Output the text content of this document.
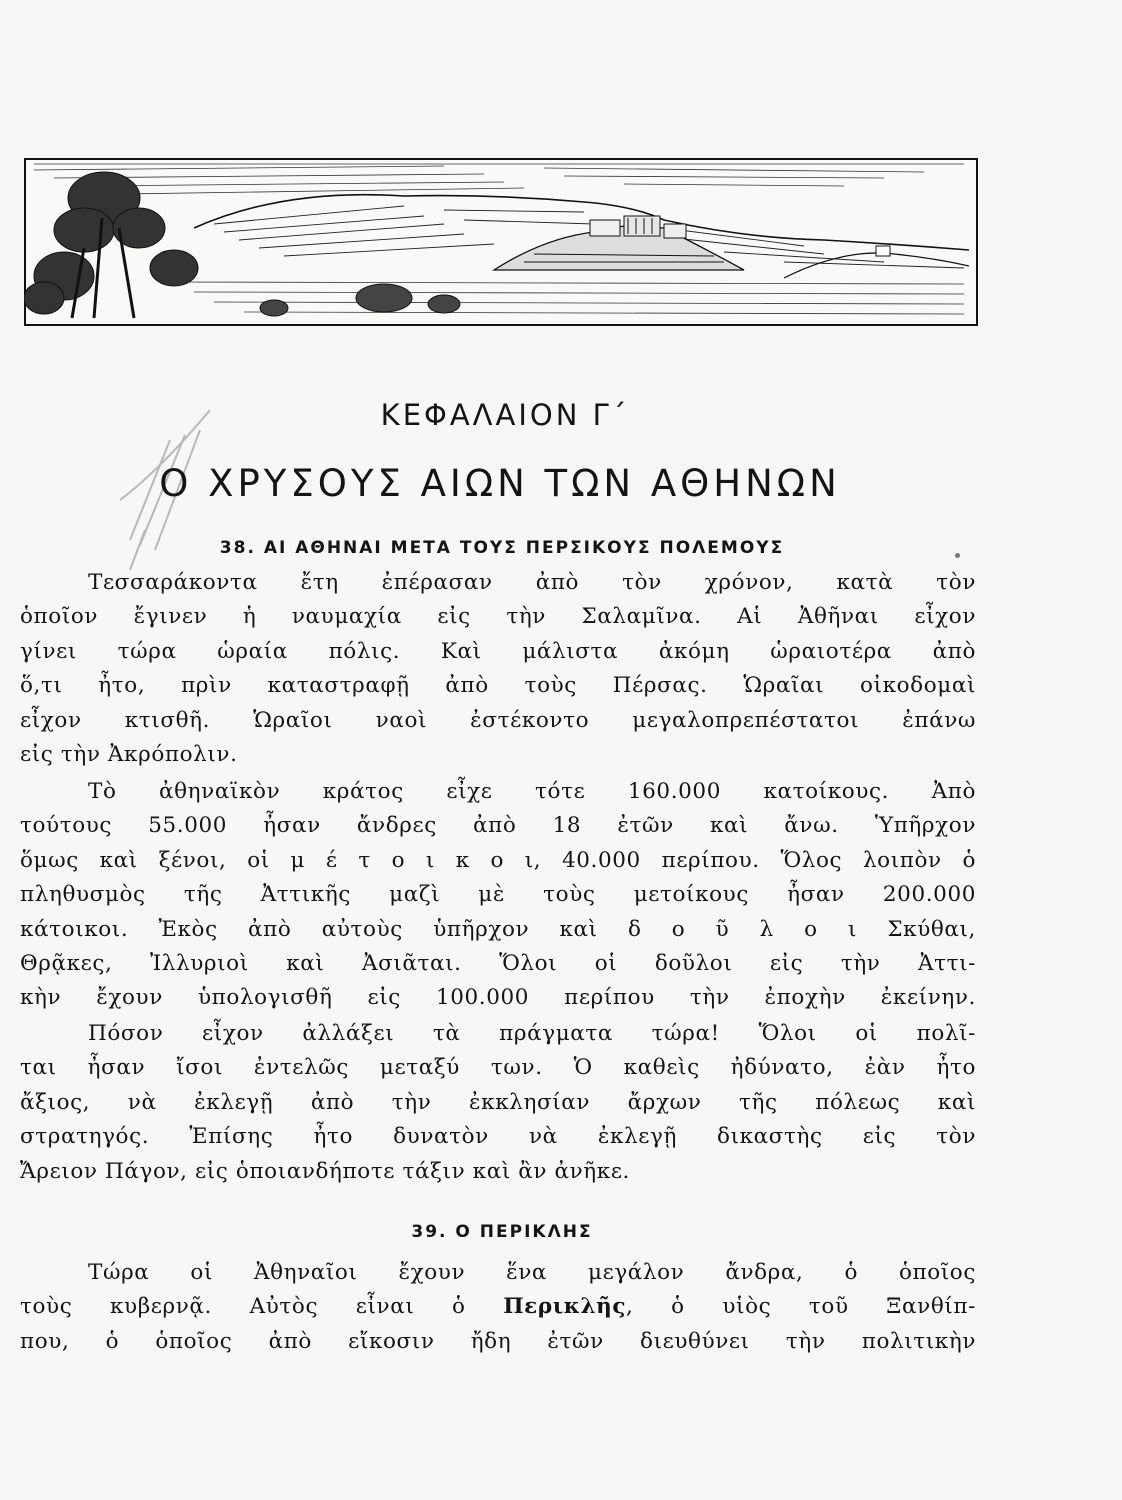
ΚΕΦΑΛΑΙΟΝ Γ΄
Ο ΧΡΥΣΟΥΣ ΑΙΩΝ ΤΩΝ ΑΘΗΝΩΝ
38. ΑΙ ΑΘΗΝΑΙ ΜΕΤΑ ΤΟΥΣ ΠΕΡΣΙΚΟΥΣ ΠΟΛΕΜΟΥΣ
Τεσσαράκοντα ἔτη ἐπέρασαν ἀπὸ τὸν χρόνον, κατὰ τὸν
ὁποῖον ἔγινεν ἡ ναυμαχία εἰς τὴν Σαλαμῖνα. Αἱ Ἀθῆναι εἶχον
γίνει τώρα ὡραία πόλις. Καὶ μάλιστα ἀκόμη ὡραιοτέρα ἀπὸ
ὅ,τι ἦτο, πρὶν καταστραφῇ ἀπὸ τοὺς Πέρσας. Ὡραῖαι οἰκοδομαὶ
εἶχον κτισθῆ. Ὡραῖοι ναοὶ ἐστέκοντο μεγαλοπρεπέστατοι ἐπάνω
εἰς τὴν Ἀκρόπολιν.
Τὸ ἀθηναϊκὸν κράτος εἶχε τότε 160.000 κατοίκους. Ἀπὸ
τούτους 55.000 ἦσαν ἄνδρες ἀπὸ 18 ἐτῶν καὶ ἄνω. Ὑπῆρχον
ὅμως καὶ ξένοι, οἱ μ έ τ ο ι κ ο ι, 40.000 περίπου. Ὅλος λοιπὸν ὁ
πληθυσμὸς τῆς Ἀττικῆς μαζὶ μὲ τοὺς μετοίκους ἦσαν 200.000
κάτοικοι. Ἐκὸς ἀπὸ αὐτοὺς ὑπῆρχον καὶ δ ο ῦ λ ο ι Σκύθαι,
Θρᾷκες, Ἰλλυριοὶ καὶ Ἀσιᾶται. Ὅλοι οἱ δοῦλοι εἰς τὴν Ἀττι-
κὴν ἔχουν ὑπολογισθῆ εἰς 100.000 περίπου τὴν ἐποχὴν ἐκείνην.
Πόσον εἶχον ἀλλάξει τὰ πράγματα τώρα! Ὅλοι οἱ πολῖ-
ται ἦσαν ἴσοι ἐντελῶς μεταξύ των. Ὁ καθεὶς ἠδύνατο, ἐὰν ἦτο
ἄξιος, νὰ ἐκλεγῇ ἀπὸ τὴν ἐκκλησίαν ἄρχων τῆς πόλεως καὶ
στρατηγός. Ἐπίσης ἦτο δυνατὸν νὰ ἐκλεγῇ δικαστὴς εἰς τὸν
Ἄρειον Πάγον, εἰς ὁποιανδήποτε τάξιν καὶ ἂν ἀνῆκε.
39. Ο ΠΕΡΙΚΛΗΣ
Τώρα οἱ Ἀθηναῖοι ἔχουν ἕνα μεγάλον ἄνδρα, ὁ ὁποῖος
τοὺς κυβερνᾷ. Αὐτὸς εἶναι ὁ Περικλῆς, ὁ υἱὸς τοῦ Ξανθίπ-
που, ὁ ὁποῖος ἀπὸ εἴκοσιν ἤδη ἐτῶν διευθύνει τὴν πολιτικὴν
